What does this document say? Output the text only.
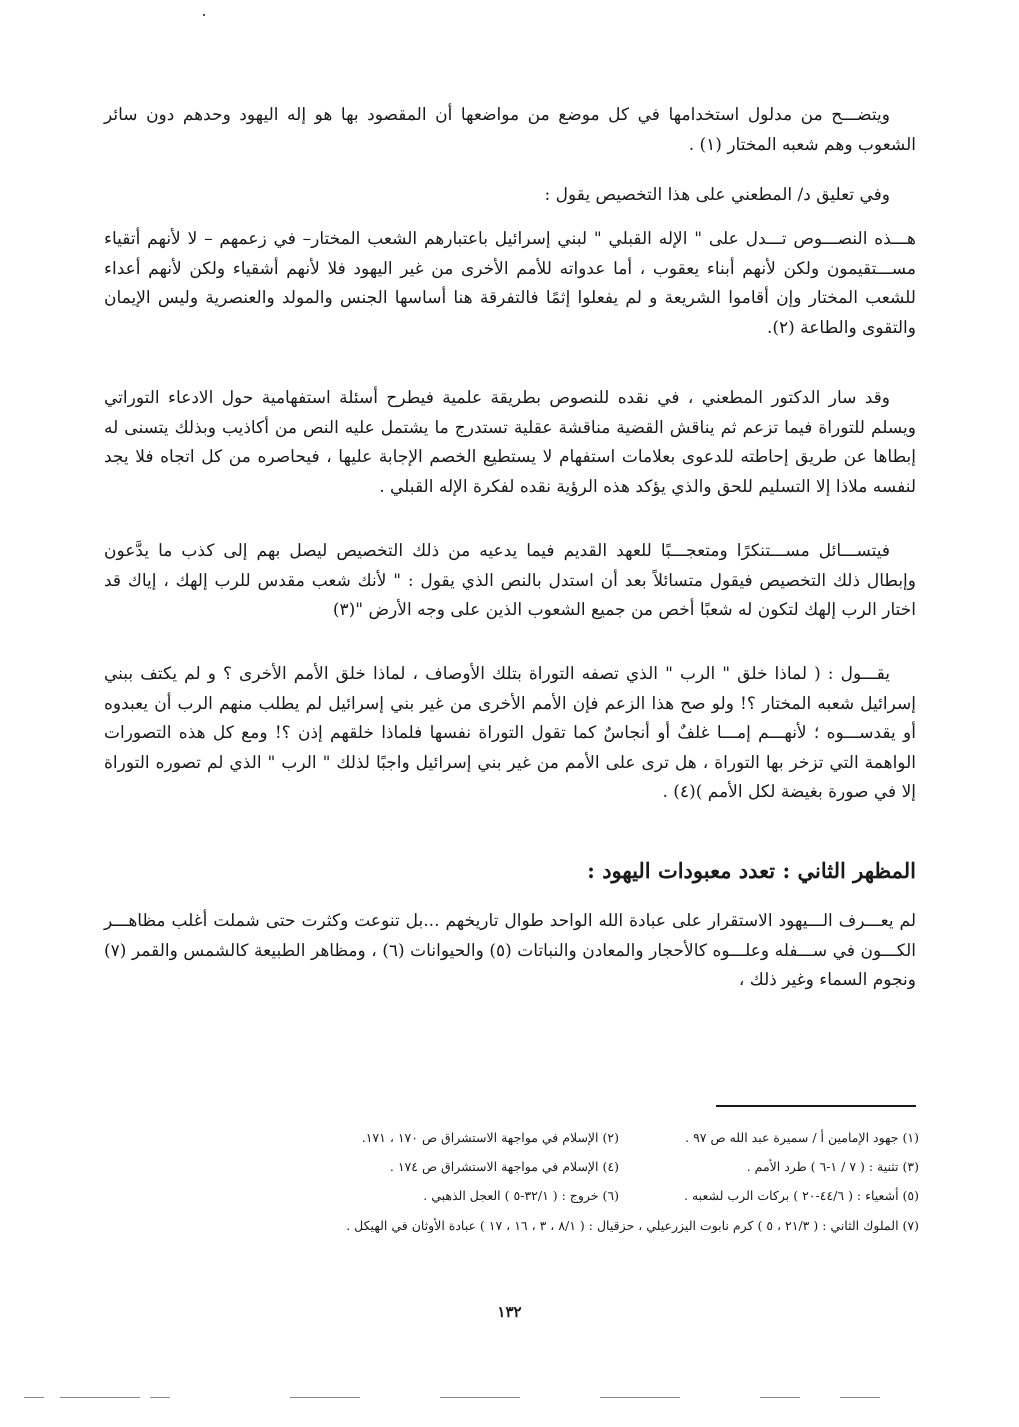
ويتضـــح من مدلول استخدامها في كل موضع من مواضعها أن المقصود بها هو إله اليهود وحدهم دون سائر الشعوب وهم شعبه المختار (١) .

وفي تعليق د/ المطعني على هذا التخصيص يقول :

هـــذه النصـــوص تـــدل على " الإله القبلي " لبني إسرائيل باعتبارهم الشعب المختار– في زعمهم – لا لأنهم أتقياء مســـتقيمون ولكن لأنهم أبناء يعقوب ، أما عدواته للأمم الأخرى من غير اليهود فلا لأنهم أشقياء ولكن لأنهم أعداء للشعب المختار وإن أقاموا الشريعة و لم يفعلوا إثمًا فالتفرقة هنا أساسها الجنس والمولد والعنصرية وليس الإيمان والتقوى والطاعة (٢).

وقد سار الدكتور المطعني ، في نقده للنصوص بطريقة علمية فيطرح أسئلة استفهامية حول الادعاء التوراتي ويسلم للتوراة فيما تزعم ثم يناقش القضية مناقشة عقلية تستدرج ما يشتمل عليه النص من أكاذيب وبذلك يتسنى له إبطاها عن طريق إحاطته للدعوى بعلامات استفهام لا يستطيع الخصم الإجابة عليها ، فيحاصره من كل اتجاه فلا يجد لنفسه ملاذا إلا التسليم للحق والذي يؤكد هذه الرؤية نقده لفكرة الإله القبلي .

فيتســـائل مســـتنكرًا ومتعجـــبًا للعهد القديم فيما يدعيه من ذلك التخصيص ليصل بهم إلى كذب ما يدَّعون وإبطال ذلك التخصيص فيقول متسائلاً بعد أن استدل بالنص الذي يقول : " لأنك شعب مقدس للرب إلهك ، إياك قد اختار الرب إلهك لتكون له شعبًا أخص من جميع الشعوب الذين على وجه الأرض "(٣)

يقـــول : ( لماذا خلق " الرب " الذي تصفه التوراة بتلك الأوصاف ، لماذا خلق الأمم الأخرى ؟ و لم يكتف ببني إسرائيل شعبه المختار ؟! ولو صح هذا الزعم فإن الأمم الأخرى من غير بني إسرائيل لم يطلب منهم الرب أن يعبدوه أو يقدســـوه ؛ لأنهـــم إمـــا غلفٌ أو أنجاسٌ كما تقول التوراة نفسها فلماذا خلقهم إذن ؟! ومع كل هذه التصورات الواهمة التي تزخر بها التوراة ، هل ترى على الأمم من غير بني إسرائيل واجبًا لذلك " الرب " الذي لم تصوره التوراة إلا في صورة بغيضة لكل الأمم )(٤) .

المظهر الثاني : تعدد معبودات اليهود :

لم يعـــرف الـــيهود الاستقرار على عبادة الله الواحد طوال تاريخهم ...بل تنوعت وكثرت حتى شملت أغلب مظاهـــر الكـــون في ســـفله وعلـــوه كالأحجار والمعادن والنباتات (٥) والحيوانات (٦) ، ومظاهر الطبيعة كالشمس والقمر (٧) ونجوم السماء وغير ذلك ،

(١) جهود الإمامين أ / سميرة عبد الله ص ٩٧ .
(٢) الإسلام في مواجهة الاستشراق ص ١٧٠ ، ١٧١.
(٣) تثنية : ( ٧ / ١-٦ ) طرد الأمم .
(٤) الإسلام في مواجهة الاستشراق ص ١٧٤ .
(٥) أشعياء : ( ٤٤/٦-٢٠ ) بركات الرب لشعبه .
(٦) خروج : ( ٣٢/١-٥ ) العجل الذهبي .
(٧) الملوك الثاني : ( ٢١/٣ ، ٥ ) كرم نابوت اليزرعيلي ، حزقيال : ( ٨/١ ، ٣ ، ١٦ ، ١٧ ) عبادة الأوثان في الهيكل .
١٣٢
